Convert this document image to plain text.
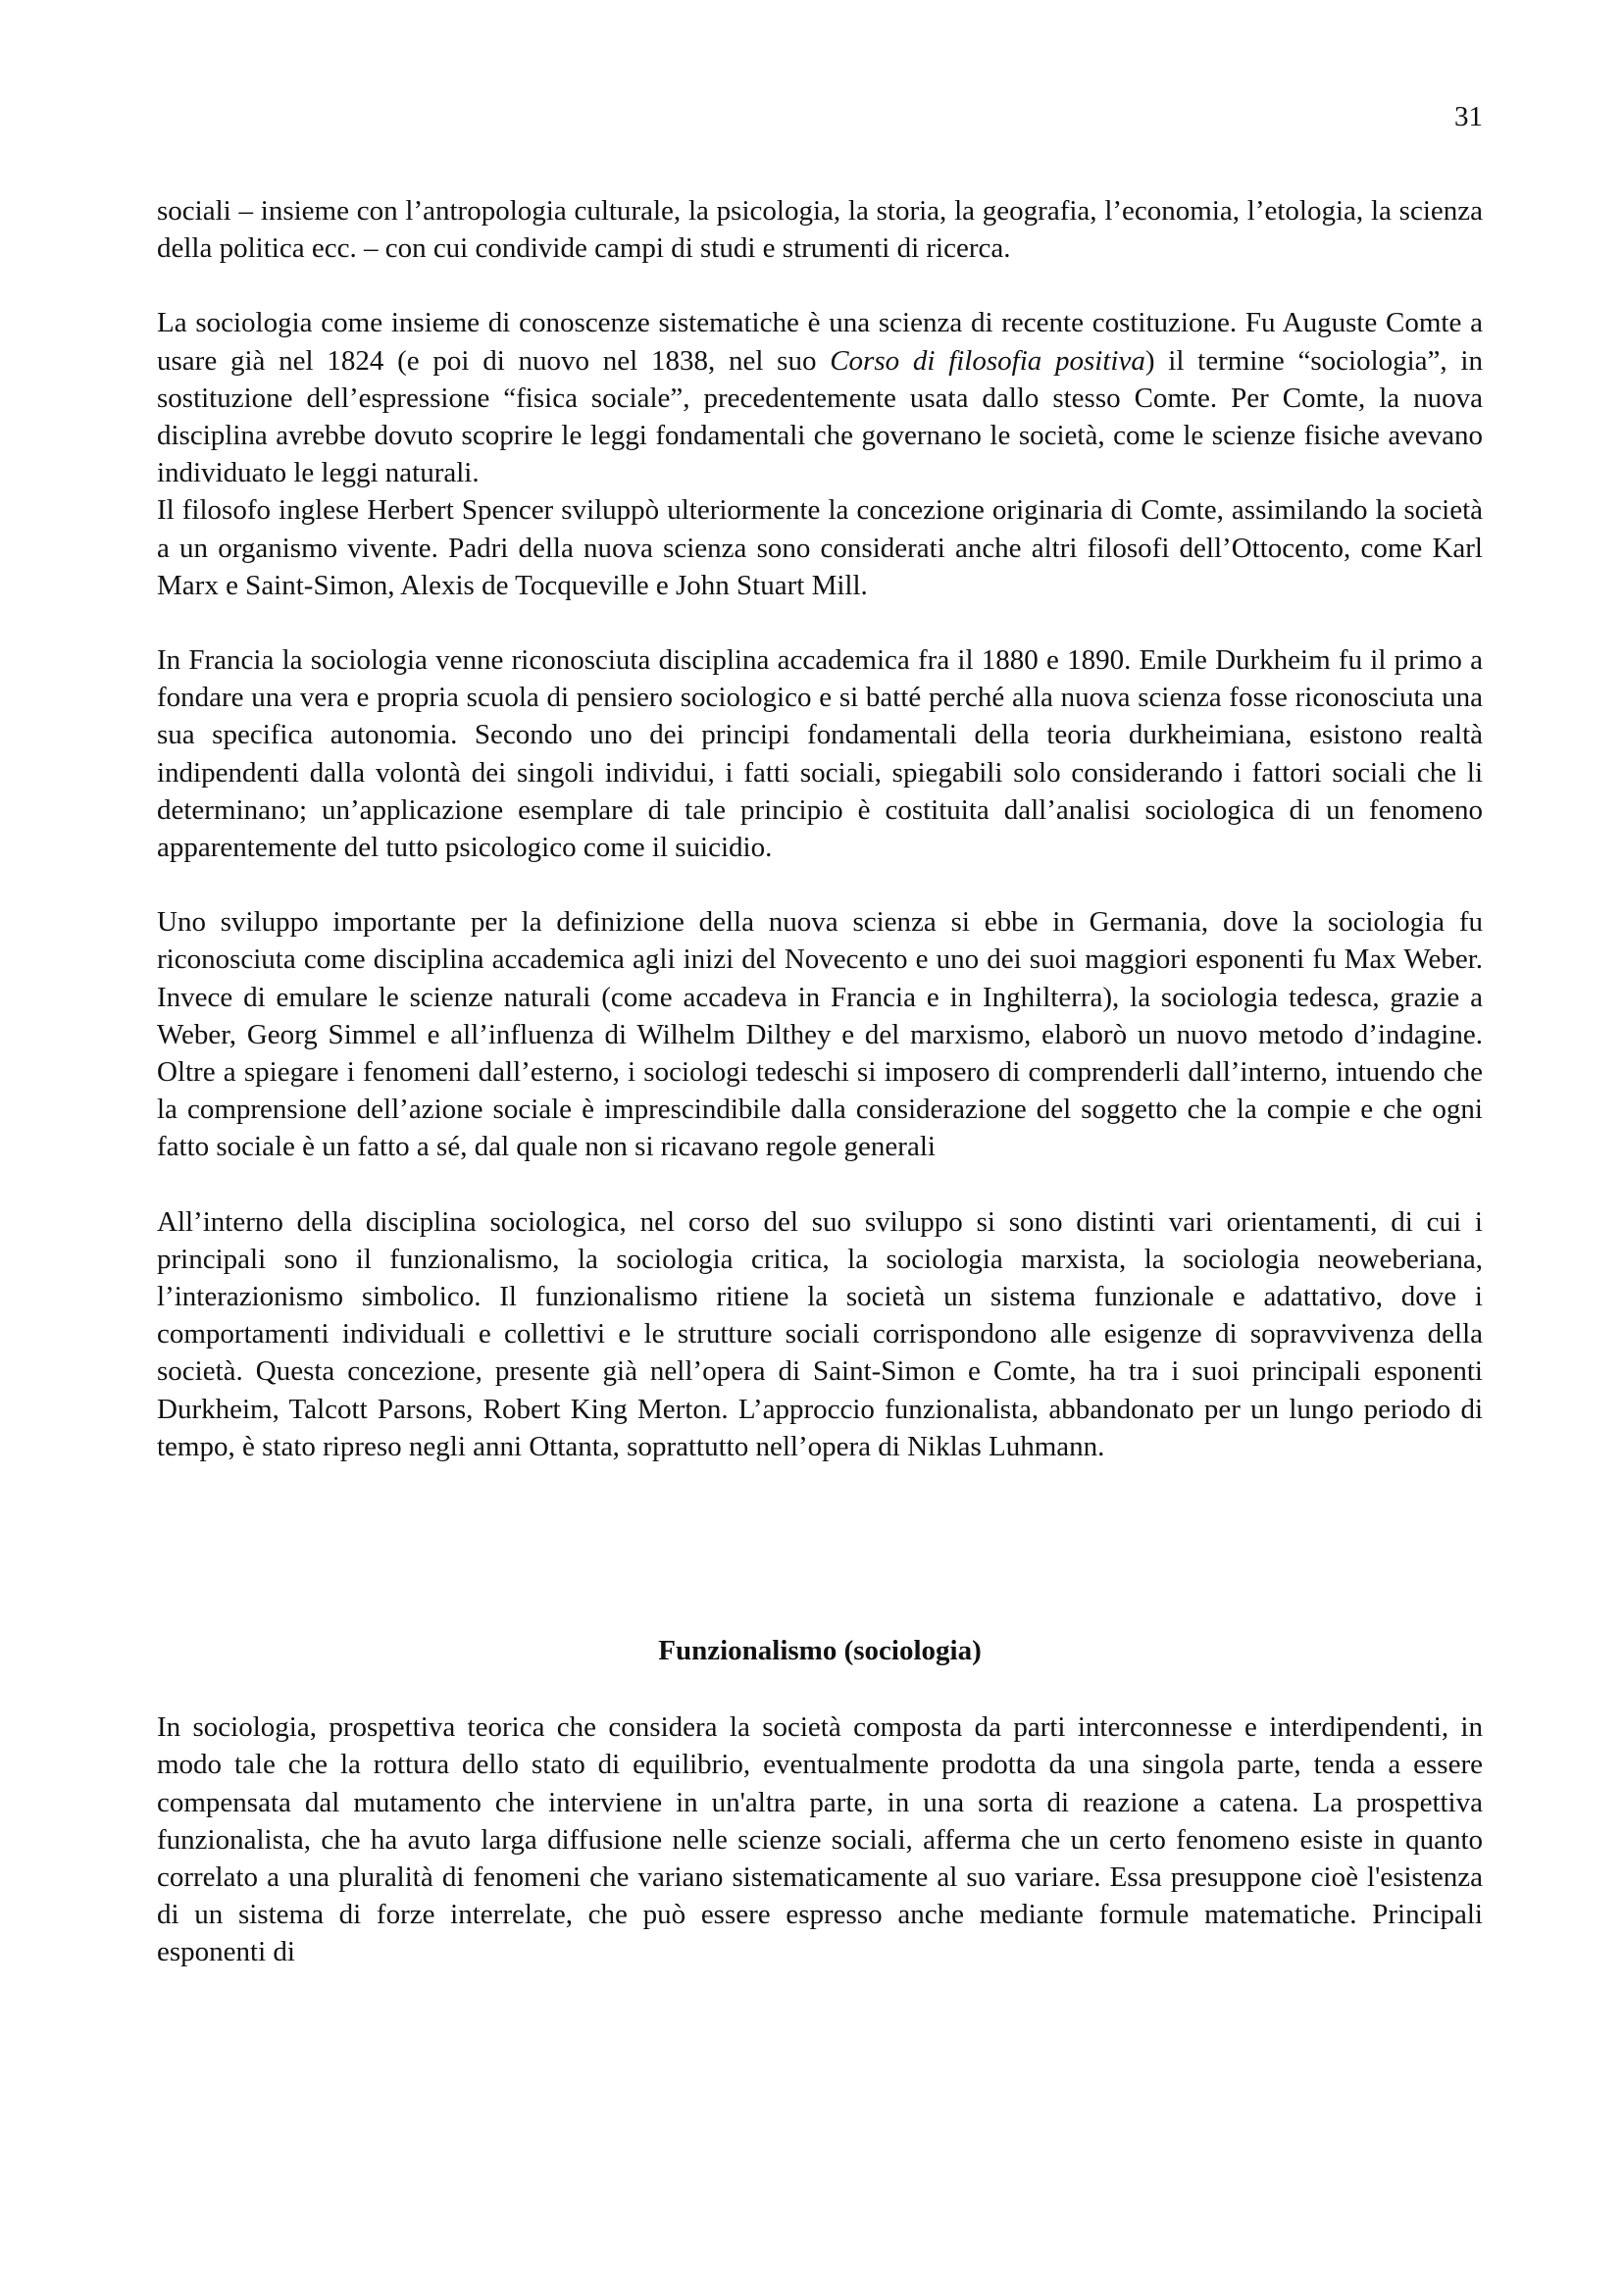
31

sociali – insieme con l’antropologia culturale, la psicologia, la storia, la geografia, l’economia, l’etologia, la scienza della politica ecc. – con cui condivide campi di studi e strumenti di ricerca.

La sociologia come insieme di conoscenze sistematiche è una scienza di recente costituzione. Fu Auguste Comte a usare già nel 1824 (e poi di nuovo nel 1838, nel suo Corso di filosofia positiva) il termine “sociologia”, in sostituzione dell’espressione “fisica sociale”, precedentemente usata dallo stesso Comte. Per Comte, la nuova disciplina avrebbe dovuto scoprire le leggi fondamentali che governano le società, come le scienze fisiche avevano individuato le leggi naturali.

Il filosofo inglese Herbert Spencer sviluppò ulteriormente la concezione originaria di Comte, assimilando la società a un organismo vivente. Padri della nuova scienza sono considerati anche altri filosofi dell’Ottocento, come Karl Marx e Saint-Simon, Alexis de Tocqueville e John Stuart Mill.

In Francia la sociologia venne riconosciuta disciplina accademica fra il 1880 e 1890. Emile Durkheim fu il primo a fondare una vera e propria scuola di pensiero sociologico e si batté perché alla nuova scienza fosse riconosciuta una sua specifica autonomia. Secondo uno dei principi fondamentali della teoria durkheimiana, esistono realtà indipendenti dalla volontà dei singoli individui, i fatti sociali, spiegabili solo considerando i fattori sociali che li determinano; un’applicazione esemplare di tale principio è costituita dall’analisi sociologica di un fenomeno apparentemente del tutto psicologico come il suicidio.

Uno sviluppo importante per la definizione della nuova scienza si ebbe in Germania, dove la sociologia fu riconosciuta come disciplina accademica agli inizi del Novecento e uno dei suoi maggiori esponenti fu Max Weber. Invece di emulare le scienze naturali (come accadeva in Francia e in Inghilterra), la sociologia tedesca, grazie a Weber, Georg Simmel e all’influenza di Wilhelm Dilthey e del marxismo, elaborò un nuovo metodo d’indagine. Oltre a spiegare i fenomeni dall’esterno, i sociologi tedeschi si imposero di comprenderli dall’interno, intuendo che la comprensione dell’azione sociale è imprescindibile dalla considerazione del soggetto che la compie e che ogni fatto sociale è un fatto a sé, dal quale non si ricavano regole generali

All’interno della disciplina sociologica, nel corso del suo sviluppo si sono distinti vari orientamenti, di cui i principali sono il funzionalismo, la sociologia critica, la sociologia marxista, la sociologia neoweberiana, l’interazionismo simbolico. Il funzionalismo ritiene la società un sistema funzionale e adattativo, dove i comportamenti individuali e collettivi e le strutture sociali corrispondono alle esigenze di sopravvivenza della società. Questa concezione, presente già nell’opera di Saint-Simon e Comte, ha tra i suoi principali esponenti Durkheim, Talcott Parsons, Robert King Merton. L’approccio funzionalista, abbandonato per un lungo periodo di tempo, è stato ripreso negli anni Ottanta, soprattutto nell’opera di Niklas Luhmann.

Funzionalismo (sociologia)

In sociologia, prospettiva teorica che considera la società composta da parti interconnesse e interdipendenti, in modo tale che la rottura dello stato di equilibrio, eventualmente prodotta da una singola parte, tenda a essere compensata dal mutamento che interviene in un'altra parte, in una sorta di reazione a catena. La prospettiva funzionalista, che ha avuto larga diffusione nelle scienze sociali, afferma che un certo fenomeno esiste in quanto correlato a una pluralità di fenomeni che variano sistematicamente al suo variare. Essa presuppone cioè l'esistenza di un sistema di forze interrelate, che può essere espresso anche mediante formule matematiche. Principali esponenti di
